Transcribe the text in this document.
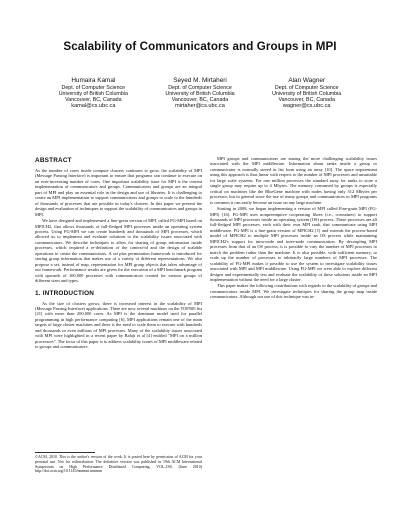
Scalability of Communicators and Groups in MPI
Humaira Kamal
Dept. of Computer Science
University of British Columbia
Vancouver, BC, Canada
kamal@cs.ubc.ca
Seyed M. Mirtaheri
Dept. of Computer Science
University of British Columbia
Vancouver, BC, Canada
mirtaher@cs.ubc.ca
Alan Wagner
Dept. of Computer Science
University of British Columbia
Vancouver, BC, Canada
wagner@cs.ubc.ca
ABSTRACT

As the number of cores inside compute clusters continues to grow, the scalability of MPI (Message Passing Interface) is important to ensure that programs can continue to execute on an ever-increasing number of cores. One important scalability issue for MPI is the current implementation of communicators and groups. Communicators and groups are an integral part of MPI and play an essential role in the design and use of libraries. It is challenging to create an MPI implementation to support communicators and groups to scale to the hundreds of thousands of processes that are possible in today's clusters. In this paper we present the design and evaluation of techniques to support the scalability of communicators and groups in MPI.

We have designed and implemented a fine-grain version of MPI, called FG-MPI based on MPICH2, that allows thousands of full-fledged MPI processes inside an operating system process. Using FG-MPI we can create hundreds and thousands of MPI processes, which allowed us to implement and evaluate solutions to the scalability issues associated with communicators. We describe techniques to allow for sharing of group information inside processes, which required a re-definition of the context-id and the design of scalable operations to create the communicators. A set plus permutation framework is introduced for storing group information that makes use of a variety of different representations. We also propose a set, instead of map, representation for MPI group objects that takes advantage of our framework. Performance results are given for the execution of a MPI benchmark program with upwards of 100,000 processes with communicators created for various groups of different sizes and types.

1. INTRODUCTION

As the size of clusters grows, there is increased interest in the scalability of MPI (Message Passing Interface) applications. There are now several machines on the TOP500 list [21] with more than 200,000 cores. As MPI is the dominant model used for parallel programming in high performance computing [6], MPI applications remain one of the main targets of large cluster machines and there is the need to scale them to execute with hundreds and thousands or even millions of MPI processes. Many of the scalability issues associated with MPI were highlighted in a recent paper by Balaji et al [4] entitled "MPI on a million processors". The focus of this paper is to address scalability issues of MPI middleware related to groups and communicators.

©ACM, 2010. This is the author's version of the work. It is posted here by permission of ACM for your personal use. Not for redistribution. The definitive version was published in 19th ACM International Symposium on High Performance Distributed Computing, VOL.,ISS, (June 2010) http://doi.acm.org/10.1145/nnnnnn.nnnnnn

MPI groups and communicators are among the more challenging scalability issues associated with the MPI middleware. Information about ranks inside a group or communicator is normally stored in list form using an array [10]. The space requirement using this approach is thus linear with respect to the number of MPI processes and unsuitable for large scale systems. For one million processes the standard array for ranks to store a single group may require up to 4 Mbytes. The memory consumed by groups is especially critical on machines like the BlueGene machine with nodes having only 512 Mbytes per processor, but in general since the use of many groups and communicators in MPI programs is common it can easily become an issue on any large machine.

Starting in 2008, we began implementing a version of MPI called Fine-grain MPI (FG-MPI) [16]. FG-MPI uses nonpreemptive cooperating fibres (i.e., coroutines) to support thousands of MPI processes inside an operating system (OS) process. These processes are all full-fledged MPI processes, each with their own MPI rank, that communicate using MPI middleware. FG-MPI is a fine-grain version of MPICH2 [1] and extends the process-based model of MPICH2 to multiple MPI processes inside an OS process while maintaining MPICH2's support for intra-node and inter-node communication. By decoupling MPI processes from that of an OS process, it is possible to vary the number of MPI processes to match the problem rather than the machine. It is also possible, with sufficient memory, to scale up the number of processes to arbitrarily large numbers of MPI processes. The scalability of FG-MPI makes it possible to use the system to investigate scalability issues associated with MPI and MPI middleware. Using FG-MPI we were able to explore different designs and experimentally test and evaluate the scalability of these solutions inside an MPI implementation without the need for a large cluster.

This paper makes the following contributions with regards to the scalability of groups and communicators inside MPI. We investigate techniques for sharing the group map inside communicators. Although our use of this technique was in-
